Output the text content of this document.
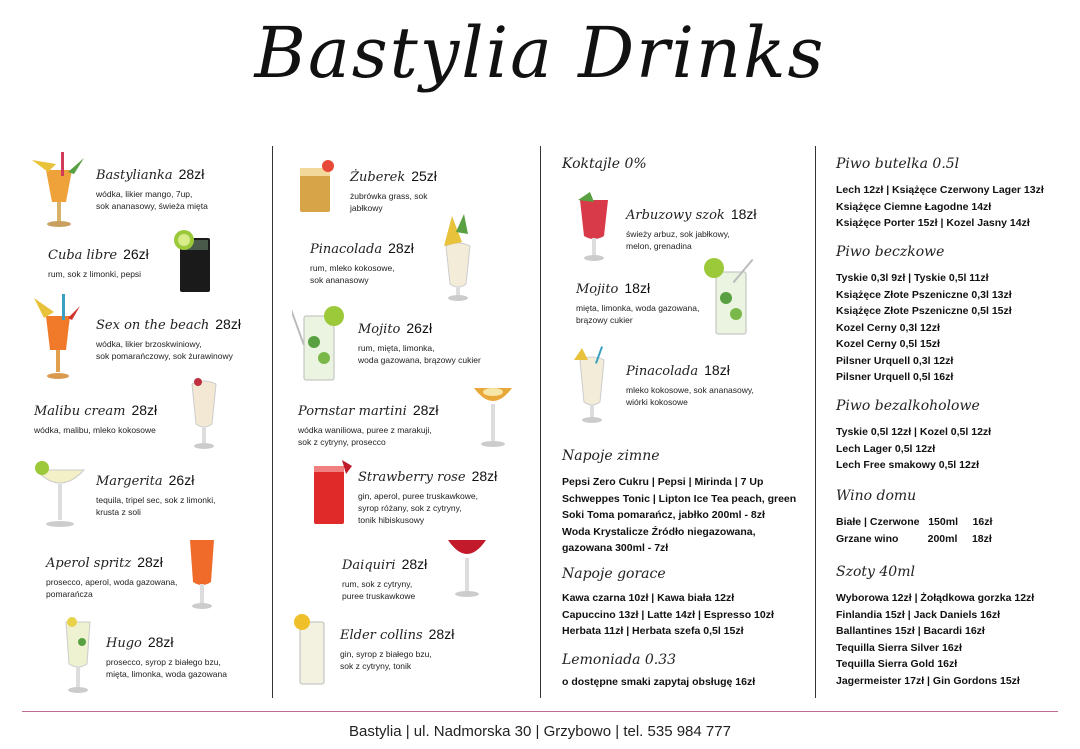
Bastylia Drinks
Bastylianka 28zł
wódka, likier mango, 7up,
sok ananasowy, świeża mięta
Cuba libre 26zł
rum, sok z limonki, pepsi
Sex on the beach 28zł
wódka, likier brzoskwiniowy,
sok pomarańczowy, sok żurawinowy
Malibu cream 28zł
wódka, malibu, mleko kokosowe
Margerita 26zł
tequila, tripel sec, sok z limonki,
krusta z soli
Aperol spritz 28zł
prosecco, aperol, woda gazowana,
pomarańcza
Hugo 28zł
prosecco, syrop z białego bzu,
mięta, limonka, woda gazowana
Żuberek 25zł
żubrówka grass, sok
jabłkowy
Pinacolada 28zł
rum, mleko kokosowe,
sok ananasowy
Mojito 26zł
rum, mięta, limonka,
woda gazowana, brązowy cukier
Pornstar martini 28zł
wódka waniliowa, puree z marakuji,
sok z cytryny, prosecco
Strawberry rose 28zł
gin, aperol, puree truskawkowe,
syrop różany, sok z cytryny,
tonik hibiskusowy
Daiquiri 28zł
rum, sok z cytryny,
puree truskawkowe
Elder collins 28zł
gin, syrop z białego bzu,
sok z cytryny, tonik
Koktajle 0%
Arbuzowy szok 18zł
świeży arbuz, sok jabłkowy,
melon, grenadina
Mojito 18zł
mięta, limonka, woda gazowana,
brązowy cukier
Pinacolada 18zł
mleko kokosowe, sok ananasowy,
wiórki kokosowe
Napoje zimne
Pepsi Zero Cukru | Pepsi | Mirinda | 7 Up
Schweppes Tonic | Lipton Ice Tea peach, green
Soki Toma pomarańcz, jabłko 200ml - 8zł
Woda Krystalicze Źródło niegazowana,
gazowana 300ml - 7zł
Napoje gorace
Kawa czarna 10zł | Kawa biała 12zł
Capuccino 13zł | Latte 14zł | Espresso 10zł
Herbata 11zł | Herbata szefa 0,5l 15zł
Lemoniada 0.33
o dostępne smaki zapytaj obsługę 16zł
Piwo butelka 0.5l
Lech 12zł | Książęce Czerwony Lager 13zł
Książęce Ciemne Łagodne 14zł
Książęce Porter 15zł | Kozel Jasny 14zł
Piwo beczkowe
Tyskie 0,3l 9zł | Tyskie 0,5l 11zł
Książęce Złote Pszeniczne 0,3l 13zł
Książęce Złote Pszeniczne 0,5l 15zł
Kozel Cerny 0,3l 12zł
Kozel Cerny 0,5l 15zł
Pilsner Urquell 0,3l 12zł
Pilsner Urquell 0,5l 16zł
Piwo bezalkoholowe
Tyskie 0,5l 12zł | Kozel 0,5l 12zł
Lech Lager 0,5l 12zł
Lech Free smakowy 0,5l 12zł
Wino domu
Białe | Czerwone   150ml     16zł
Grzane wino          200ml     18zł
Szoty 40ml
Wyborowa 12zł | Żołądkowa gorzka 12zł
Finlandia 15zł | Jack Daniels 16zł
Ballantines 15zł | Bacardi 16zł
Tequilla Sierra Silver 16zł
Tequilla Sierra Gold 16zł
Jagermeister 17zł | Gin Gordons 15zł
Bastylia | ul. Nadmorska 30 | Grzybowo | tel. 535 984 777
